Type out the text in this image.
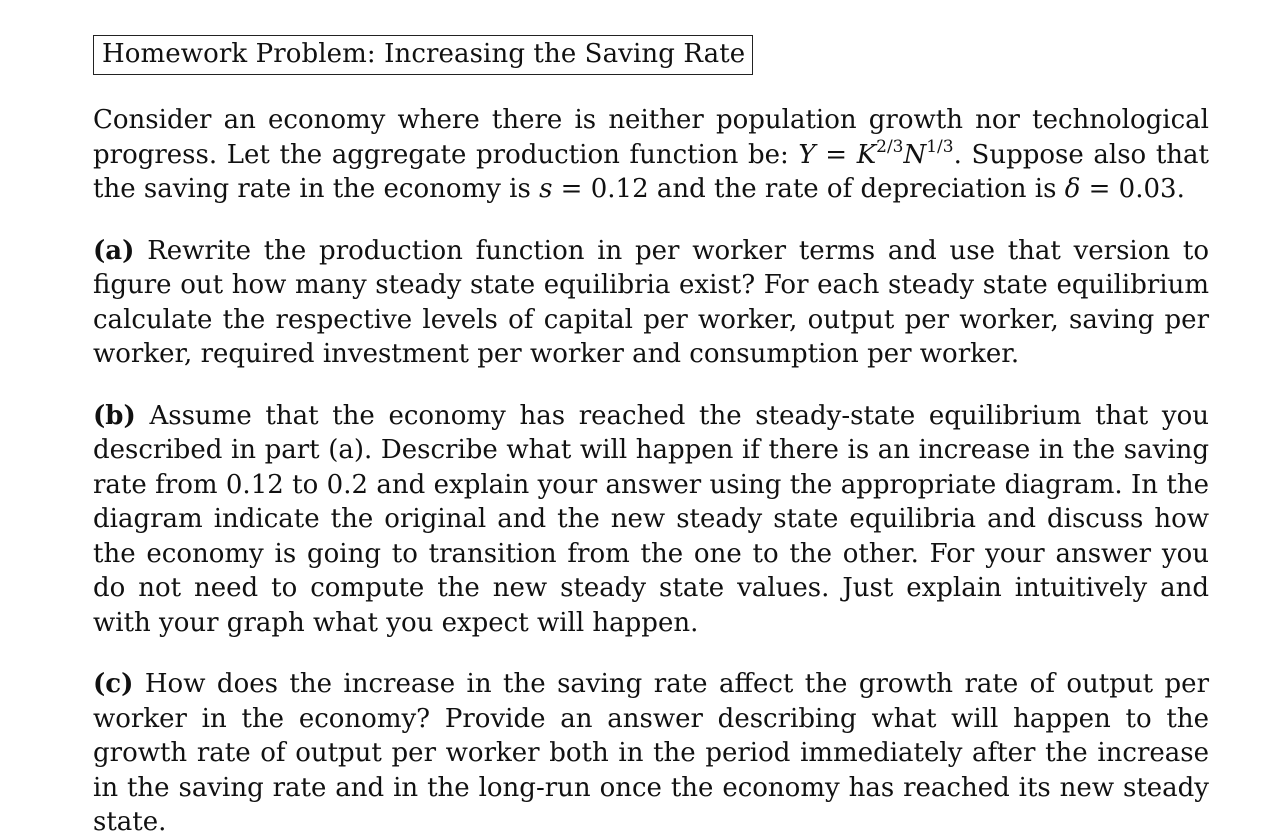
Homework Problem: Increasing the Saving Rate

Consider an economy where there is neither population growth nor technological progress. Let the aggregate production function be: $Y = K^{2/3}N^{1/3}$. Suppose also that the saving rate in the economy is s = 0.12 and the rate of depreciation is δ = 0.03.

(a) Rewrite the production function in per worker terms and use that version to figure out how many steady state equilibria exist? For each steady state equilibrium calculate the respective levels of capital per worker, output per worker, saving per worker, required investment per worker and consumption per worker.

(b) Assume that the economy has reached the steady-state equilibrium that you described in part (a). Describe what will happen if there is an increase in the saving rate from 0.12 to 0.2 and explain your answer using the appropriate diagram. In the diagram indicate the original and the new steady state equilibria and discuss how the economy is going to transition from the one to the other. For your answer you do not need to compute the new steady state values. Just explain intuitively and with your graph what you expect will happen.

(c) How does the increase in the saving rate affect the growth rate of output per worker in the economy? Provide an answer describing what will happen to the growth rate of output per worker both in the period immediately after the increase in the saving rate and in the long-run once the economy has reached its new steady state.
